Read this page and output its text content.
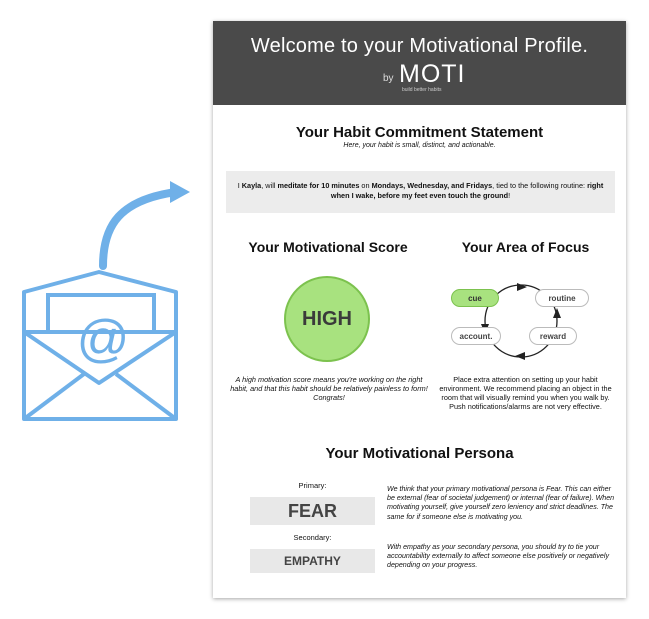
@
Welcome to your Motivational Profile.
by MOTI
build better habits
Your Habit Commitment Statement
Here, your habit is small, distinct, and actionable.
I Kayla, will meditate for 10 minutes on Mondays, Wednesday, and Fridays, tied to the following routine: right when I wake, before my feet even touch the ground!
Your Motivational Score
HIGH
A high motivation score means you're working on the right habit, and that this habit should be relatively painless to form! Congrats!
Your Area of Focus
cue	routine
account.	reward
Place extra attention on setting up your habit environment. We recommend placing an object in the room that will visually remind you when you walk by. Push notifications/alarms are not very effective.
Your Motivational Persona
Primary:
FEAR
Secondary:
EMPATHY
We think that your primary motivational persona is Fear. This can either be external (fear of societal judgement) or internal (fear of failure). When motivating yourself, give yourself zero leniency and strict deadlines. The same for if someone else is motivating you.
With empathy as your secondary persona, you should try to tie your accountability externally to affect someone else positively or negatively depending on your progress.
